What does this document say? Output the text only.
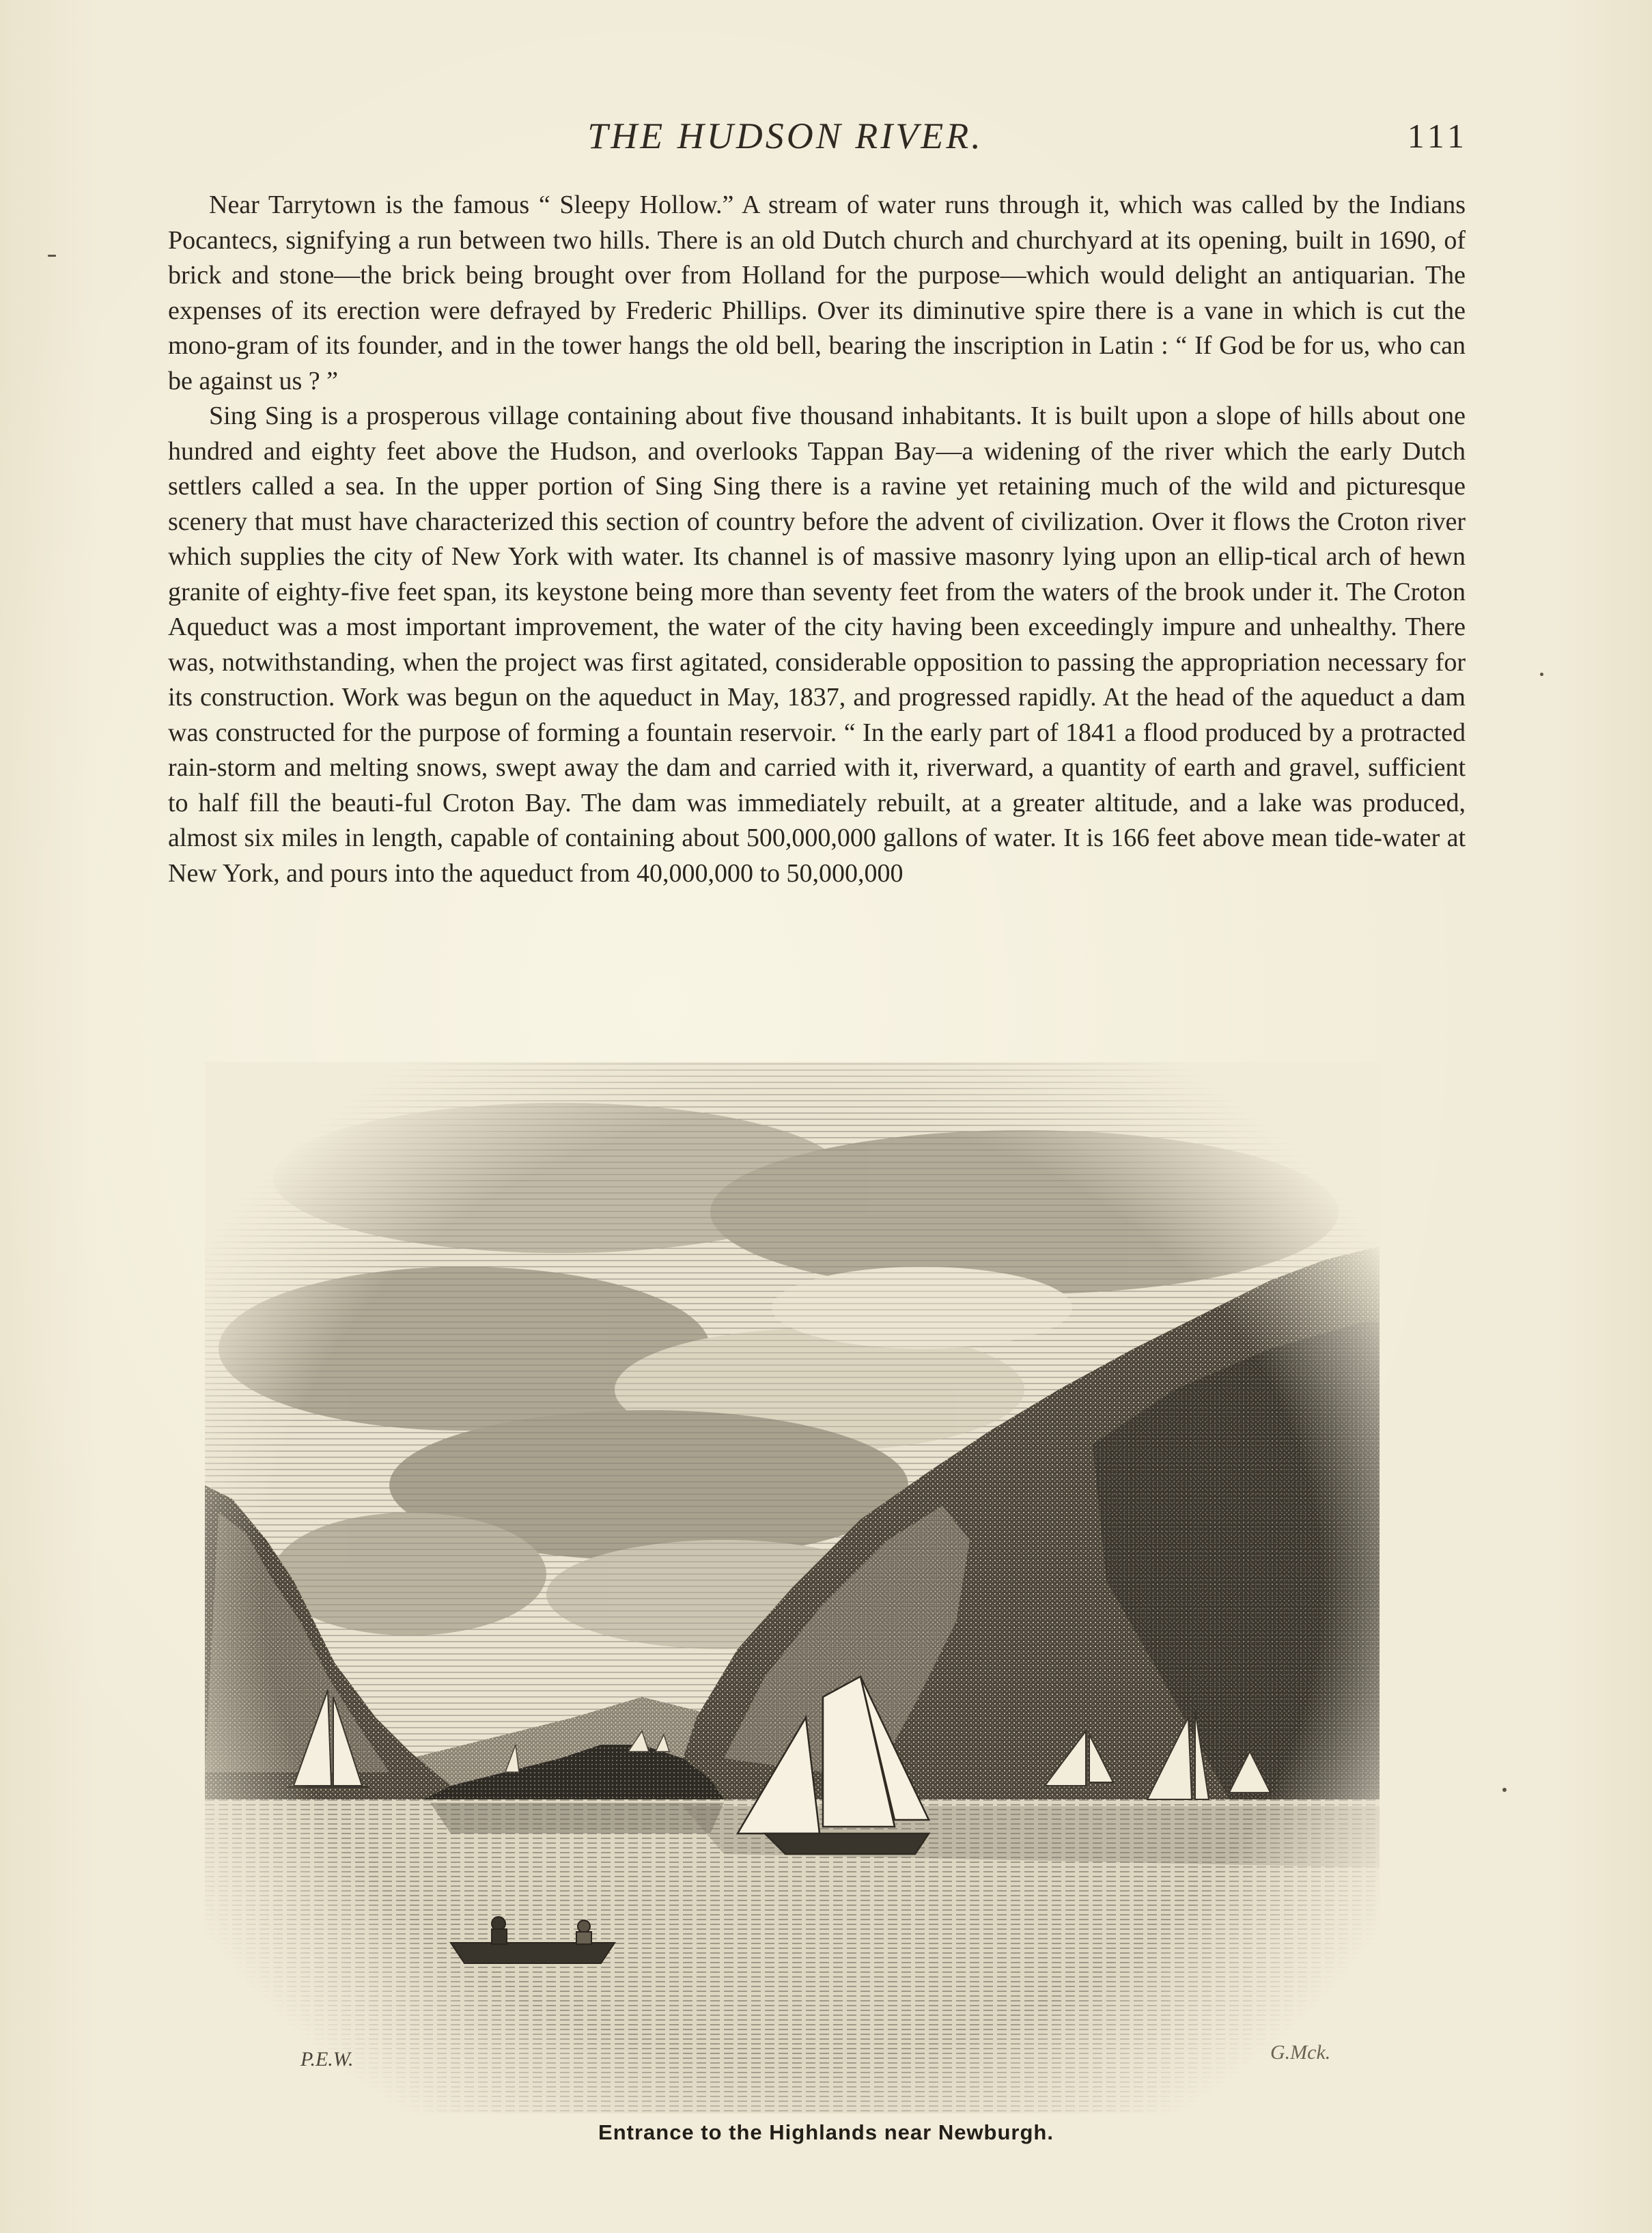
THE HUDSON RIVER.	111

Near Tarrytown is the famous “ Sleepy Hollow.” A stream of water runs through it, which was called by the Indians Pocantecs, signifying a run between two hills. There is an old Dutch church and churchyard at its opening, built in 1690, of brick and stone—the brick being brought over from Holland for the purpose—which would delight an antiquarian. The expenses of its erection were defrayed by Frederic Phillips. Over its diminutive spire there is a vane in which is cut the mono-gram of its founder, and in the tower hangs the old bell, bearing the inscription in Latin : “ If God be for us, who can be against us ? ”

Sing Sing is a prosperous village containing about five thousand inhabitants. It is built upon a slope of hills about one hundred and eighty feet above the Hudson, and overlooks Tappan Bay—a widening of the river which the early Dutch settlers called a sea. In the upper portion of Sing Sing there is a ravine yet retaining much of the wild and picturesque scenery that must have characterized this section of country before the advent of civilization. Over it flows the Croton river which supplies the city of New York with water. Its channel is of massive masonry lying upon an ellip-tical arch of hewn granite of eighty-five feet span, its keystone being more than seventy feet from the waters of the brook under it. The Croton Aqueduct was a most important improvement, the water of the city having been exceedingly impure and unhealthy. There was, notwithstanding, when the project was first agitated, considerable opposition to passing the appropriation necessary for its construction. Work was begun on the aqueduct in May, 1837, and progressed rapidly. At the head of the aqueduct a dam was constructed for the purpose of forming a fountain reservoir. “ In the early part of 1841 a flood produced by a protracted rain-storm and melting snows, swept away the dam and carried with it, riverward, a quantity of earth and gravel, sufficient to half fill the beauti-ful Croton Bay. The dam was immediately rebuilt, at a greater altitude, and a lake was produced, almost six miles in length, capable of containing about 500,000,000 gallons of water. It is 166 feet above mean tide-water at New York, and pours into the aqueduct from 40,000,000 to 50,000,000

P.E.W.	G.Mck.
Entrance to the Highlands near Newburgh.
